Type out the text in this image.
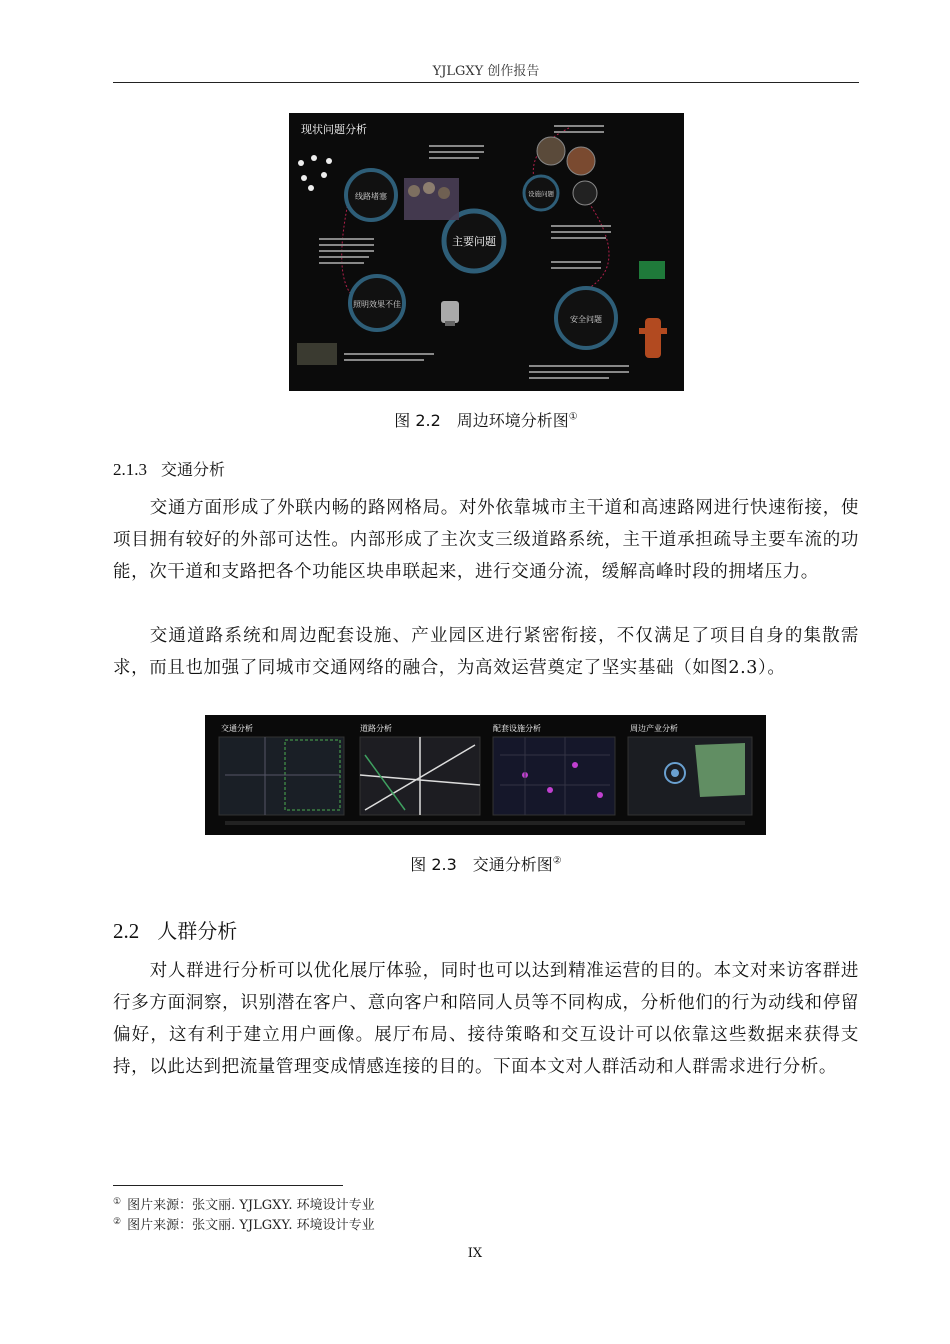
YJLGXY 创作报告
现状问题分析
主要问题
线路堵塞	设施问题
照明效果不佳
安全问题
图 2.2　周边环境分析图①
2.1.3 交通分析

交通方面形成了外联内畅的路网格局。对外依靠城市主干道和高速路网进行快速衔接，使项目拥有较好的外部可达性。内部形成了主次支三级道路系统，主干道承担疏导主要车流的功能，次干道和支路把各个功能区块串联起来，进行交通分流，缓解高峰时段的拥堵压力。

交通道路系统和周边配套设施、产业园区进行紧密衔接，不仅满足了项目自身的集散需求，而且也加强了同城市交通网络的融合，为高效运营奠定了坚实基础（如图2.3）。

交通分析	道路分析	配套设施分析	周边产业分析
图 2.3　交通分析图②
2.2 人群分析

对人群进行分析可以优化展厅体验，同时也可以达到精准运营的目的。本文对来访客群进行多方面洞察，识别潜在客户、意向客户和陪同人员等不同构成，分析他们的行为动线和停留偏好，这有利于建立用户画像。展厅布局、接待策略和交互设计可以依靠这些数据来获得支持，以此达到把流量管理变成情感连接的目的。下面本文对人群活动和人群需求进行分析。

① 图片来源：张文丽. YJLGXY. 环境设计专业
② 图片来源：张文丽. YJLGXY. 环境设计专业
IX
